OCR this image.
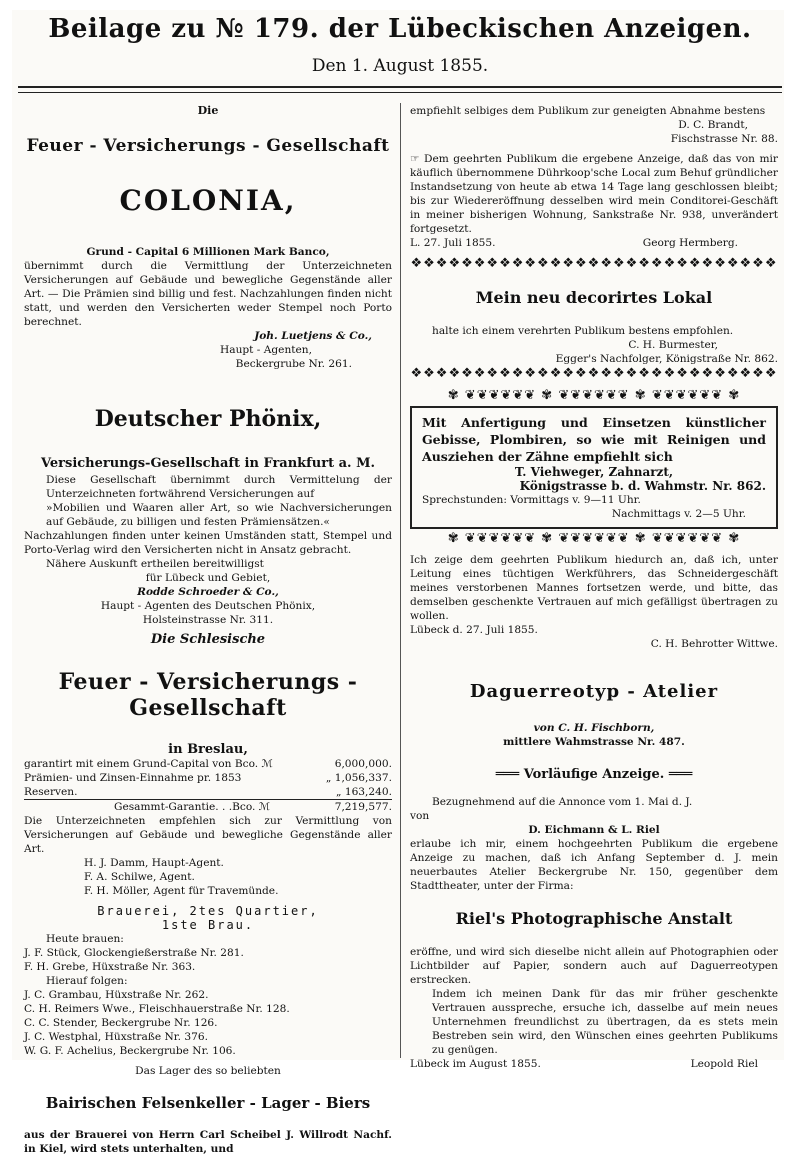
Beilage zu № 179. der Lübeckischen Anzeigen.
Den 1. August 1855.

Die

Feuer - Versicherungs - Gesellschaft

COLONIA,

Grund - Capital 6 Millionen Mark Banco,

übernimmt durch die Vermittlung der Unterzeichneten Versicherungen auf Gebäude und bewegliche Gegenstände aller Art. — Die Prämien sind billig und fest. Nachzahlungen finden nicht statt, und werden den Versicherten weder Stempel noch Porto berechnet.

Joh. Luetjens & Co.,

Haupt - Agenten,

Beckergrube Nr. 261.

Deutscher Phönix,

Versicherungs-Gesellschaft in Frankfurt a. M.

Diese Gesellschaft übernimmt durch Vermittelung der Unterzeichneten fortwährend Versicherungen auf

»Mobilien und Waaren aller Art, so wie Nachversicherungen auf Gebäude, zu billigen und festen Prämiensätzen.«

Nachzahlungen finden unter keinen Umständen statt, Stempel und Porto-Verlag wird den Versicherten nicht in Ansatz gebracht.

Nähere Auskunft ertheilen bereitwilligst

für Lübeck und Gebiet,

Rodde Schroeder & Co.,

Haupt - Agenten des Deutschen Phönix,

Holsteinstrasse Nr. 311.

Die Schlesische

Feuer - Versicherungs - Gesellschaft

in Breslau,

garantirt mit einem Grund-Capital von Bco. ℳ	6,000,000.
Prämien- und Zinsen-Einnahme pr. 1853	„ 1,056,337.
Reserven.	„ 163,240.
Gesammt-Garantie. . .Bco. ℳ	7,219,577.

Die Unterzeichneten empfehlen sich zur Vermittlung von Versicherungen auf Gebäude und bewegliche Gegenstände aller Art.

H. J. Damm, Haupt-Agent.

F. A. Schilwe, Agent.

F. H. Möller, Agent für Travemünde.

Brauerei, 2tes Quartier,

1ste Brau.

Heute brauen:

J. F. Stück, Glockengießerstraße Nr. 281.

F. H. Grebe, Hüxstraße Nr. 363.

Hierauf folgen:

J. C. Grambau, Hüxstraße Nr. 262.

C. H. Reimers Wwe., Fleischhauerstraße Nr. 128.

C. C. Stender, Beckergrube Nr. 126.

J. C. Westphal, Hüxstraße Nr. 376.

W. G. F. Achelius, Beckergrube Nr. 106.

Das Lager des so beliebten

Bairischen Felsenkeller - Lager - Biers

aus der Brauerei von Herrn Carl Scheibel J. Willrodt Nachf. in Kiel, wird stets unterhalten, und

empfiehlt selbiges dem Publikum zur geneigten Abnahme bestens

D. C. Brandt,

Fischstrasse Nr. 88.

☞ Dem geehrten Publikum die ergebene Anzeige, daß das von mir käuflich übernommene Dührkoop'sche Local zum Behuf gründlicher Instandsetzung von heute ab etwa 14 Tage lang geschlossen bleibt; bis zur Wiedereröffnung desselben wird mein Conditorei-Geschäft in meiner bisherigen Wohnung, Sankstraße Nr. 938, unverändert fortgesetzt.

L. 27. Juli 1855.	Georg Hermberg.
❖❖❖❖❖❖❖❖❖❖❖❖❖❖❖❖❖❖❖❖❖❖❖❖❖❖❖❖❖

Mein neu decorirtes Lokal

halte ich einem verehrten Publikum bestens empfohlen.

C. H. Burmester,

Egger's Nachfolger, Königstraße Nr. 862.

❖❖❖❖❖❖❖❖❖❖❖❖❖❖❖❖❖❖❖❖❖❖❖❖❖❖❖❖❖
✾ ❦❦❦❦❦❦ ✾ ❦❦❦❦❦❦ ✾ ❦❦❦❦❦❦ ✾

Mit Anfertigung und Einsetzen künstlicher Gebisse, Plombiren, so wie mit Reinigen und Ausziehen der Zähne empfiehlt sich

T. Viehweger, Zahnarzt,

Königstrasse b. d. Wahmstr. Nr. 862.

Sprechstunden: Vormittags v. 9—11 Uhr.

Nachmittags v. 2—5 Uhr.

✾ ❦❦❦❦❦❦ ✾ ❦❦❦❦❦❦ ✾ ❦❦❦❦❦❦ ✾

Ich zeige dem geehrten Publikum hiedurch an, daß ich, unter Leitung eines tüchtigen Werkführers, das Schneidergeschäft meines verstorbenen Mannes fortsetzen werde, und bitte, das demselben geschenkte Vertrauen auf mich gefälligst übertragen zu wollen.

Lübeck d. 27. Juli 1855.

C. H. Behrotter Wittwe.

Daguerreotyp - Atelier

von C. H. Fischborn,

mittlere Wahmstrasse Nr. 487.

═══ Vorläufige Anzeige. ═══

Bezugnehmend auf die Annonce vom 1. Mai d. J.

von

D. Eichmann & L. Riel

erlaube ich mir, einem hochgeehrten Publikum die ergebene Anzeige zu machen, daß ich Anfang September d. J. mein neuerbautes Atelier Beckergrube Nr. 150, gegenüber dem Stadttheater, unter der Firma:

Riel's Photographische Anstalt

eröffne, und wird sich dieselbe nicht allein auf Photographien oder Lichtbilder auf Papier, sondern auch auf Daguerreotypen erstrecken.

Indem ich meinen Dank für das mir früher geschenkte Vertrauen ausspreche, ersuche ich, dasselbe auf mein neues Unternehmen freundlichst zu übertragen, da es stets mein Bestreben sein wird, den Wünschen eines geehrten Publikums zu genügen.

Lübeck im August 1855.	Leopold Riel
